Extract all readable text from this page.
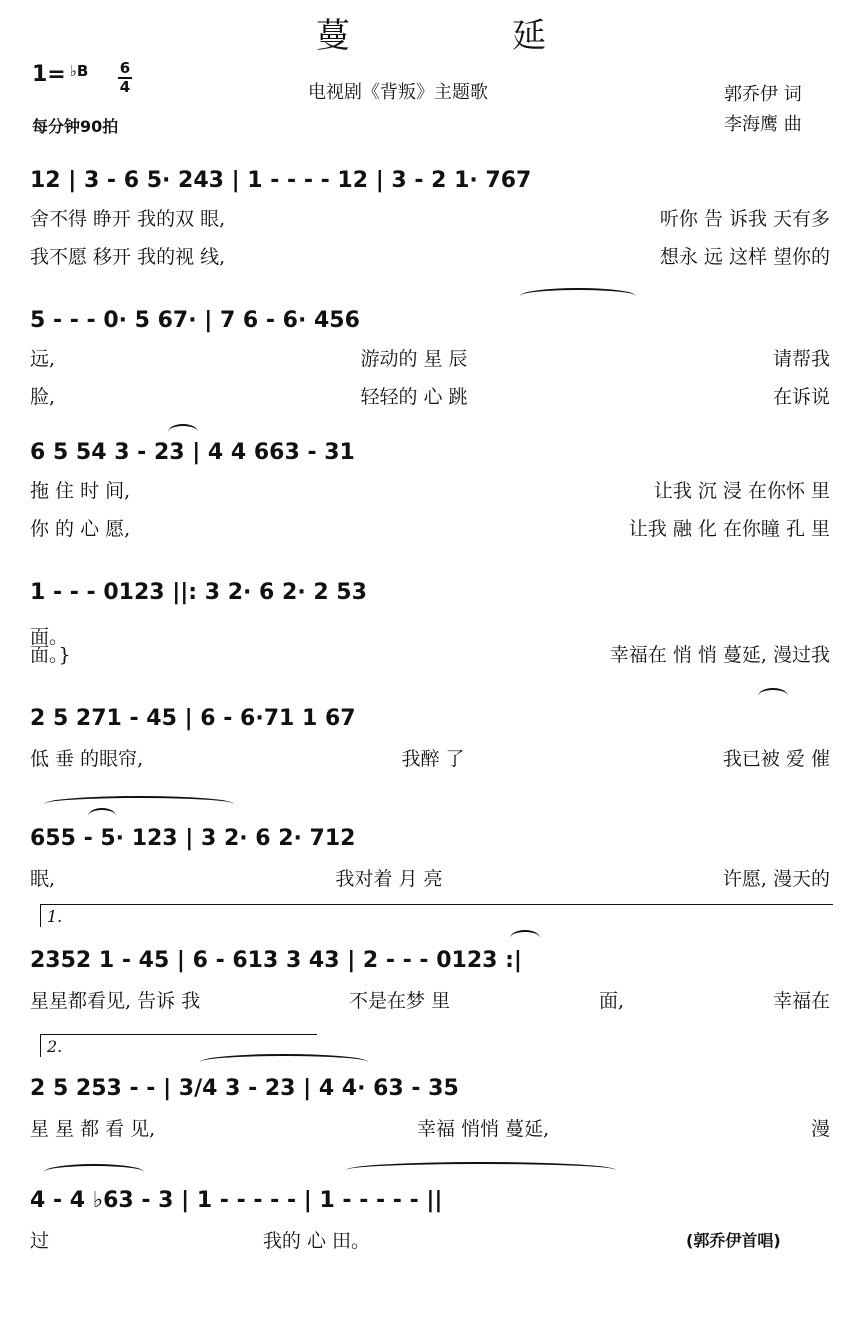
蔓　延
1= $^{♭B}$ 6
4
每分钟90拍
电视剧《背叛》主题歌	郭乔伊 词
李海鹰 曲
12 | 3 - 6 5· 243 | 1 - - - - 12 | 3 - 2 1· 767
舍不得 睁开 我的双 眼,	听你 告 诉我 天有多
我不愿 移开 我的视 线,	想永 远 这样 望你的
5 - - - 0· 5 67· | 7 6 - 6· 456
远,	游动的 星 辰	请帮我
脸,	轻轻的 心 跳	在诉说
6 5 54 3 - 23 | 4 4 663 - 31
拖 住 时 间,	让我 沉 浸 在你怀 里
你 的 心 愿,	让我 融 化 在你瞳 孔 里
1 - - - 0123 ||: 3 2· 6 2· 2 53
面。
面。}	幸福在 悄 悄 蔓延, 漫过我
2 5 271 - 45 | 6 - 6·71 1 67
低 垂 的眼帘,	我醉 了	我已被 爱 催
655 - 5· 123 | 3 2· 6 2· 712
眠,	我对着 月 亮	许愿, 漫天的
1.
2352 1 - 45 | 6 - 613 3 43 | 2 - - - 0123 :|
星星都看见, 告诉 我	不是在梦 里	面,	幸福在
2.
2 5 253 - - | 3/4 3 - 23 | 4 4· 63 - 35
星 星 都 看 见,	幸福 悄悄 蔓延,	漫
4 - 4 ♭63 - 3 | 1 - - - - - | 1 - - - - - ||
过	我的 心 田。	(郭乔伊首唱)
